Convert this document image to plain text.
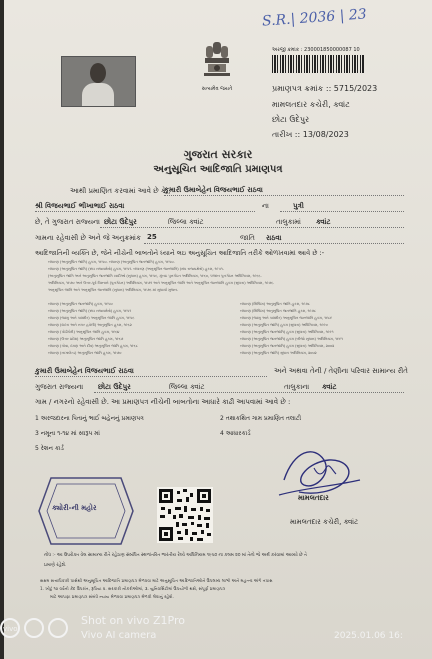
S.R.| 2036 | 23
સત્યમેવ જયતે
અરજી ક્રમાંક : 230001850000087 10
પ્રમાણપત્ર ક્રમાંક :: 5715/2023
મામલતદાર કચેરી, ક્વાંટ
છોટા ઉદેપુર
તારીખ :: 13/08/2023
ગુજરાત સરકાર
અનુસૂચિત આદિજાતિ પ્રમાણપત્ર
આથી પ્રમાણિત કરવામાં આવે છે કે ,
કુમારી ઉમાબેહેન વિજયભાઈ રાઠવા
શ્રી વિજયભાઈ ભીખાભાઈ રાઠવા	ના	પુત્રી
છે, તે ગુજરાત રાજ્યના છોટા ઉદેપુર	જિલ્લા ક્વાંટ	તાલુકામાં ક્વાંટ
ગામના રહેવાસી છે અને જે અનુક્રમાંક 25	જાતિ રાઠવા
આદિજાતિની વ્યક્તિ છે, જેને નીચેની બાબતોને ધ્યાને લઇ અનુસૂચિત આદિજાતિ તરીકે ઓળખવામાં આવે છે :-
બંધારણ (અનુસૂચિત જાતિ) હુકમ, ૧૯૫૦. બંધારણ (અનુસૂચિત જનજાતિ) હુકમ, ૧૯૫૦.
બંધારણ (અનુસૂચિત જાતિ) (સંઘ રાજ્યક્ષેત્રો) હુકમ, ૧૯૫૧. બંધારણ (અનુસૂચિત જનજાતિ) (સંઘ રાજ્યક્ષેત્રો) હુકમ, ૧૯૫૧.
(અનુસૂચિત જાતિ અને અનુસૂચિત જનજાતિ યાદીઓ (સુધારા) હુકમ, ૧૯૫૬, મુંબઇ પુનર્ગઠન અધિનિયમ, ૧૯૬૦, પંજાબ પુનર્ગઠન અધિનિયમ, ૧૯૬૬.
અધિનિયમ, ૧૯૭૦ અને ઉત્તર-પૂર્વ વિસ્તારો (પુનર્ગઠન) અધિનિયમ, ૧૯૭૧ અને અનુસૂચિત જાતિ અને અનુસૂચિત જનજાતિ હુકમ (સુધારા) અધિનિયમ, ૧૯૭૬.
અનુસૂચિત જાતિ અને અનુસૂચિત જનજાતિ (સુધારા) અધિનિયમ, ૧૯૭૬ માં સુધાર્યા મુજબ.
બંધારણ (અનુસૂચિત જનજાતિ) હુકમ, ૧૯૫૦
બંધારણ (અનુસૂચિત જાતિ) (સંઘ રાજ્યક્ષેત્રો) હુકમ, ૧૯૫૧
બંધારણ (જમ્મુ અને કાશ્મીર) અનુસૂચિત જાતિ હુકમ, ૧૯૫૬
બંધારણ (દાદરા અને નગર હવેલી) અનુસૂચિત હુકમ, ૧૯૬૨
બંધારણ (પોંડીચેરી) અનુસૂચિત જાતિ હુકમ, ૧૯૬૪
બંધારણ (ઉત્તર પ્રદેશ) અનુસૂચિત જાતિ હુકમ, ૧૯૬૭
બંધારણ (ગોવા, દમણ અને દીવ) અનુસૂચિત જાતિ હુકમ, ૧૯૬૮
બંધારણ (નાગાલેન્ડ) અનુસૂચિત જાતિ હુકમ, ૧૯૭૦
બંધારણ (સિક્કિમ) અનુસૂચિત જાતિ હુકમ, ૧૯૭૮
બંધારણ (સિક્કિમ) અનુસૂચિત જનજાતિ હુકમ, ૧૯૭૮
બંધારણ (જમ્મુ અને કાશ્મીર) અનુસૂચિત જનજાતિ હુકમ, ૧૯૮૯
બંધારણ (અનુસૂચિત જાતિ) હુકમ (સુધારા) અધિનિયમ, ૧૯૯૦
બંધારણ (અનુસૂચિત જનજાતિ) હુકમ (સુધારા) અધિનિયમ, ૧૯૯૧
બંધારણ (અનુસૂચિત જનજાતિ) હુકમ (બીજો સુધારા) અધિનિયમ, ૧૯૯૧
બંધારણ (અનુસૂચિત જનજાતિ) હુકમ (સુધારા) અધિનિયમ, ૨૦૦૨
બંધારણ (અનુસૂચિત જાતિ) સુધારા અધિનિયમ, ૨૦૦૨
કુમારી ઉમાબેહેન વિજયભાઈ રાઠવા	અને અથવા તેની / તેણીના પરિવાર સામાન્ય રીતે
ગુજરાત રાજ્યના છોટા ઉદેપુર	જિલ્લા ક્વાંટ	તાલુકાના ક્વાંટ
ગામ / નગરનો રહેવાસી છે. આ પ્રમાણપત્ર નીચેની બાબતોના આધારે કાઢી આપવામાં આવે છે :
1 અરજદારના પિતાનું ભાઈ બહેનનું પ્રમાણપત્ર
3 નમૂના ૧-૧૪ માં સ્વરૂપ માં
5 રેશન કાર્ડ
2 તથાકથિત ગામ પ્રમાણિત તલાટી
4 આધારકાર્ડ
ક્યોરી-ની મહોર
મામલતદાર
મામલતદાર કચેરી, ક્વાંટ
નોંધ :- આ ઉપરોક્ત વેલ સામાન્ય રીતે રહેઠાણ સંબંધિત સ્થળાંતરિત ભારતીય રેલ્વે અધિનિયમ ૧૯૫૦ ના કલમ ૨૦ માં તેનો જે અર્થ કરવામાં આવ્યો છે તે
પ્રમાણે રહેશે.
સક્ષમ સત્તાધિકારી પાસેથી અનુસૂચિત આદિજાતિ પ્રમાણપત્ર મેળવવા માટે અનુસૂચિત આદિજાતિઓને ઉપલબ્ધ લાભો અને મહત્ત્વ અંગે તપાસ
1. ખોટું ૧૦ વર્ષની કેદ ઉપરાંત, રૂપિયા ૨. સરકારી નોકરીઓમાં, ૩. યુનિવર્સિટીમાં ઉપયોગી થશે, સંપૂર્ણ પ્રમાણપત્ર
માટે આપણા પ્રમાણપત્ર સંબંધે ન્યાય મેળવવા પ્રમાણપત્ર મેળવી લેવાનું રહેશે.
vivo
Shot on vivo Z1Pro
Vivo AI camera	2025.01.06 16:
